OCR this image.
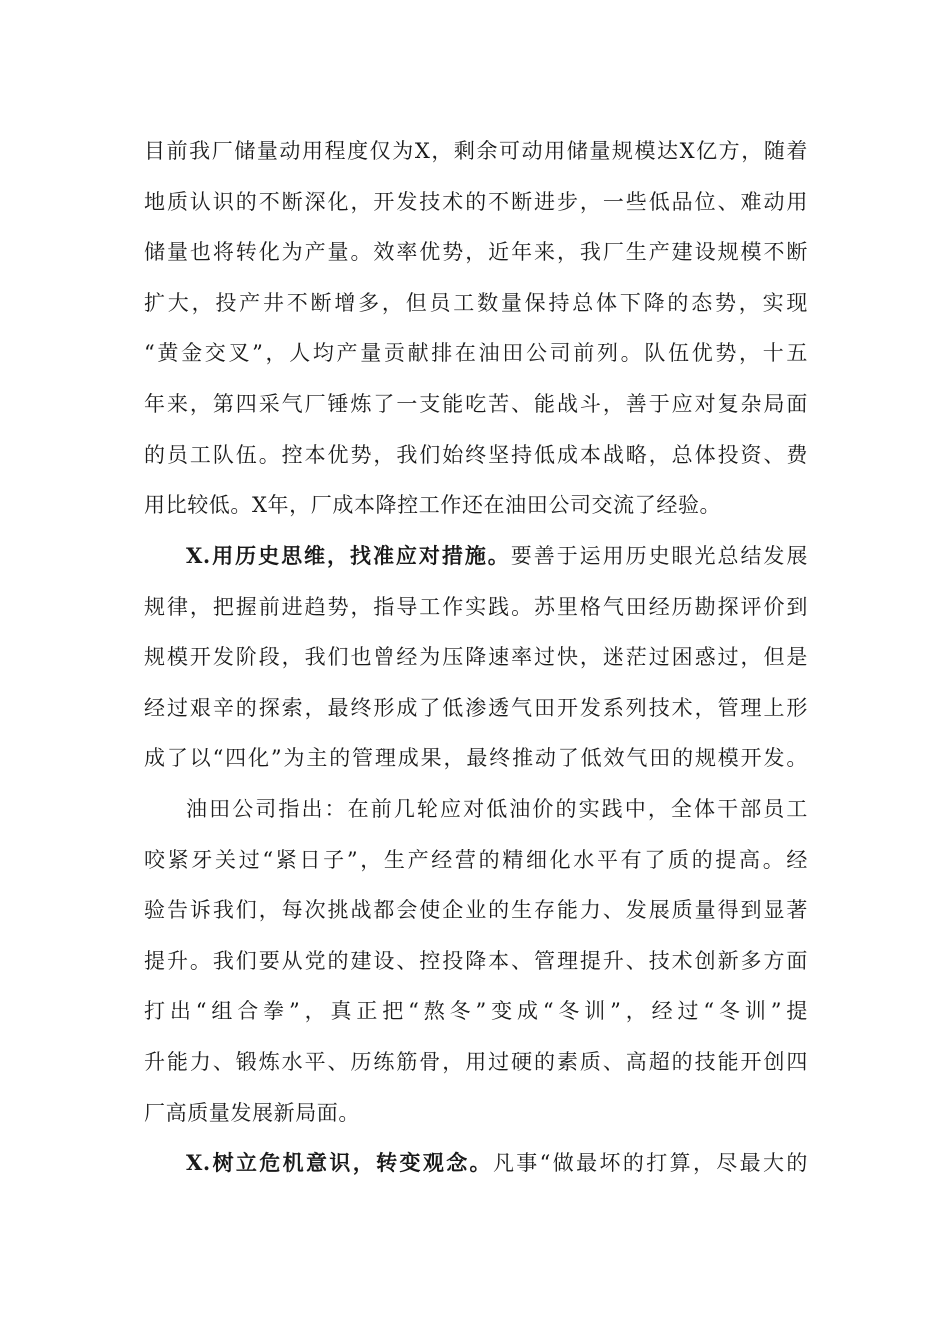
目前我厂储量动用程度仅为X，剩余可动用储量规模达X亿方，随着
地质认识的不断深化，开发技术的不断进步，一些低品位、难动用
储量也将转化为产量。效率优势，近年来，我厂生产建设规模不断
扩大，投产井不断增多，但员工数量保持总体下降的态势，实现
“黄金交叉”，人均产量贡献排在油田公司前列。队伍优势，十五
年来，第四采气厂锤炼了一支能吃苦、能战斗，善于应对复杂局面
的员工队伍。控本优势，我们始终坚持低成本战略，总体投资、费
用比较低。X年，厂成本降控工作还在油田公司交流了经验。
X.用历史思维，找准应对措施。要善于运用历史眼光总结发展
规律，把握前进趋势，指导工作实践。苏里格气田经历勘探评价到
规模开发阶段，我们也曾经为压降速率过快，迷茫过困惑过，但是
经过艰辛的探索，最终形成了低渗透气田开发系列技术，管理上形
成了以“四化”为主的管理成果，最终推动了低效气田的规模开发。
油田公司指出：在前几轮应对低油价的实践中，全体干部员工
咬紧牙关过“紧日子”，生产经营的精细化水平有了质的提高。经
验告诉我们，每次挑战都会使企业的生存能力、发展质量得到显著
提升。我们要从党的建设、控投降本、管理提升、技术创新多方面
打出“组合拳”，真正把“熬冬”变成“冬训”，经过“冬训”提
升能力、锻炼水平、历练筋骨，用过硬的素质、高超的技能开创四
厂高质量发展新局面。
X.树立危机意识，转变观念。凡事“做最坏的打算，尽最大的
